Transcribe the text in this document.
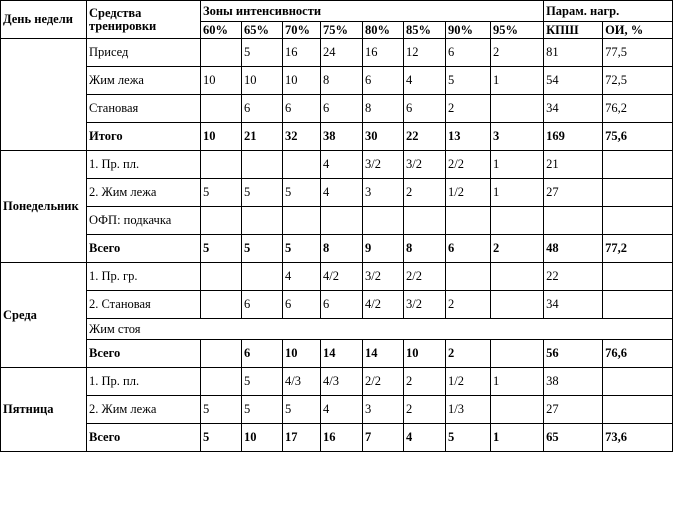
День недели	Средства тренировки	Зоны интенсивности								Парам. нагр.	
		60%	65%	70%	75%	80%	85%	90%	95%	КПШ	ОИ, %
	Присед		5	16	24	16	12	6	2	81	77,5
	Жим лежа	10	10	10	8	6	4	5	1	54	72,5
	Становая		6	6	6	8	6	2		34	76,2
	Итого	10	21	32	38	30	22	13	3	169	75,6
Понедельник	1. Пр. пл.				4	3/2	3/2	2/2	1	21	
	2. Жим лежа	5	5	5	4	3	2	1/2	1	27	
	ОФП: подкачка										
	Всего	5	5	5	8	9	8	6	2	48	77,2
Среда	1. Пр. гр.			4	4/2	3/2	2/2			22	
	2. Становая		6	6	6	4/2	3/2	2		34	
	Жим стоя										
	Всего		6	10	14	14	10	2		56	76,6
Пятница	1. Пр. пл.		5	4/3	4/3	2/2	2	1/2	1	38	
	2. Жим лежа	5	5	5	4	3	2	1/3		27	
	Всего	5	10	17	16	7	4	5	1	65	73,6
